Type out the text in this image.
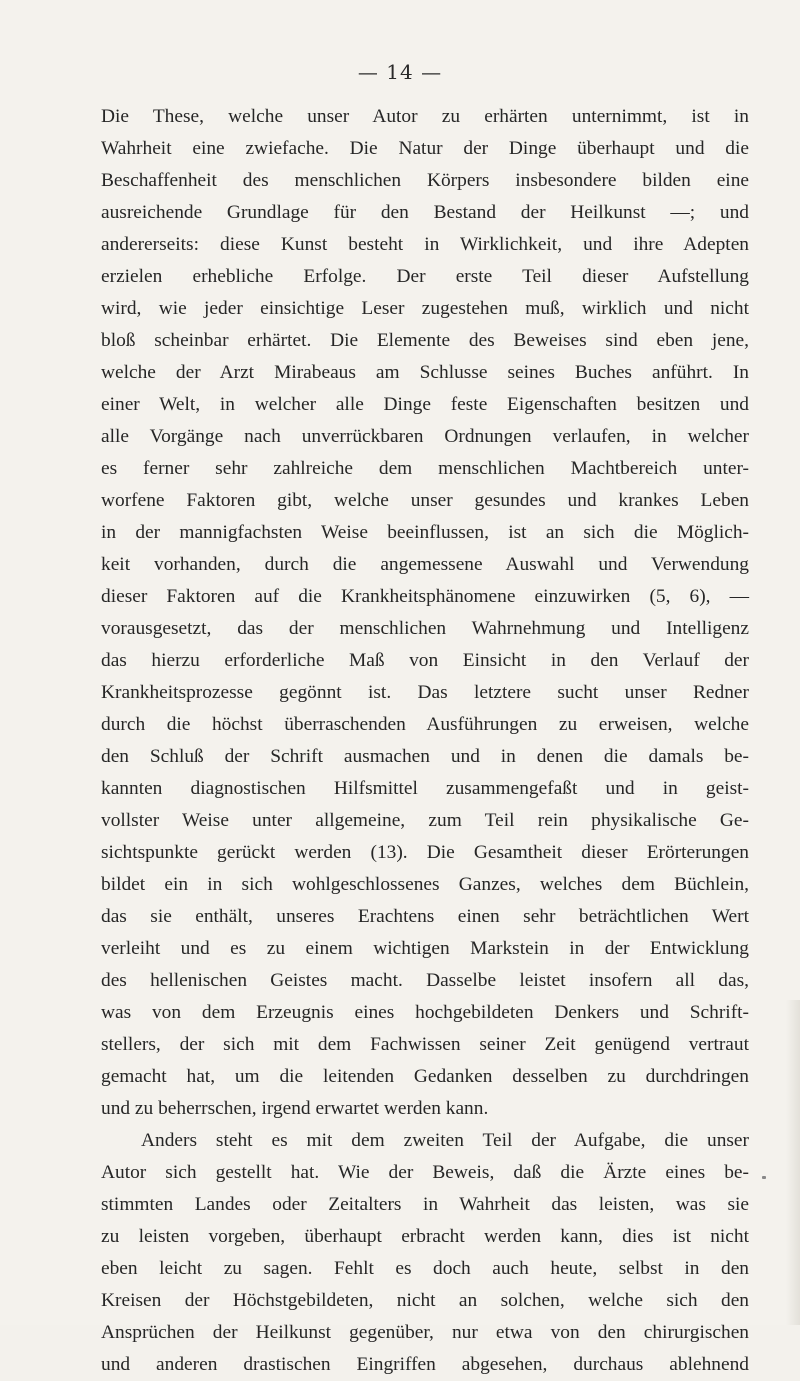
— 14 —
Die These, welche unser Autor zu erhärten unternimmt, ist in
Wahrheit eine zwiefache. Die Natur der Dinge überhaupt und die
Beschaffenheit des menschlichen Körpers insbesondere bilden eine
ausreichende Grundlage für den Bestand der Heilkunst —; und
andererseits: diese Kunst besteht in Wirklichkeit, und ihre Adepten
erzielen erhebliche Erfolge. Der erste Teil dieser Aufstellung
wird, wie jeder einsichtige Leser zugestehen muß, wirklich und nicht
bloß scheinbar erhärtet. Die Elemente des Beweises sind eben jene,
welche der Arzt Mirabeaus am Schlusse seines Buches anführt. In
einer Welt, in welcher alle Dinge feste Eigenschaften besitzen und
alle Vorgänge nach unverrückbaren Ordnungen verlaufen, in welcher
es ferner sehr zahlreiche dem menschlichen Machtbereich unter-
worfene Faktoren gibt, welche unser gesundes und krankes Leben
in der mannigfachsten Weise beeinflussen, ist an sich die Möglich-
keit vorhanden, durch die angemessene Auswahl und Verwendung
dieser Faktoren auf die Krankheitsphänomene einzuwirken (5, 6), —
vorausgesetzt, das der menschlichen Wahrnehmung und Intelligenz
das hierzu erforderliche Maß von Einsicht in den Verlauf der
Krankheitsprozesse gegönnt ist. Das letztere sucht unser Redner
durch die höchst überraschenden Ausführungen zu erweisen, welche
den Schluß der Schrift ausmachen und in denen die damals be-
kannten diagnostischen Hilfsmittel zusammengefaßt und in geist-
vollster Weise unter allgemeine, zum Teil rein physikalische Ge-
sichtspunkte gerückt werden (13). Die Gesamtheit dieser Erörterungen
bildet ein in sich wohlgeschlossenes Ganzes, welches dem Büchlein,
das sie enthält, unseres Erachtens einen sehr beträchtlichen Wert
verleiht und es zu einem wichtigen Markstein in der Entwicklung
des hellenischen Geistes macht. Dasselbe leistet insofern all das,
was von dem Erzeugnis eines hochgebildeten Denkers und Schrift-
stellers, der sich mit dem Fachwissen seiner Zeit genügend vertraut
gemacht hat, um die leitenden Gedanken desselben zu durchdringen
und zu beherrschen, irgend erwartet werden kann.
Anders steht es mit dem zweiten Teil der Aufgabe, die unser
Autor sich gestellt hat. Wie der Beweis, daß die Ärzte eines be-
stimmten Landes oder Zeitalters in Wahrheit das leisten, was sie
zu leisten vorgeben, überhaupt erbracht werden kann, dies ist nicht
eben leicht zu sagen. Fehlt es doch auch heute, selbst in den
Kreisen der Höchstgebildeten, nicht an solchen, welche sich den
Ansprüchen der Heilkunst gegenüber, nur etwa von den chirurgischen
und anderen drastischen Eingriffen abgesehen, durchaus ablehnend
